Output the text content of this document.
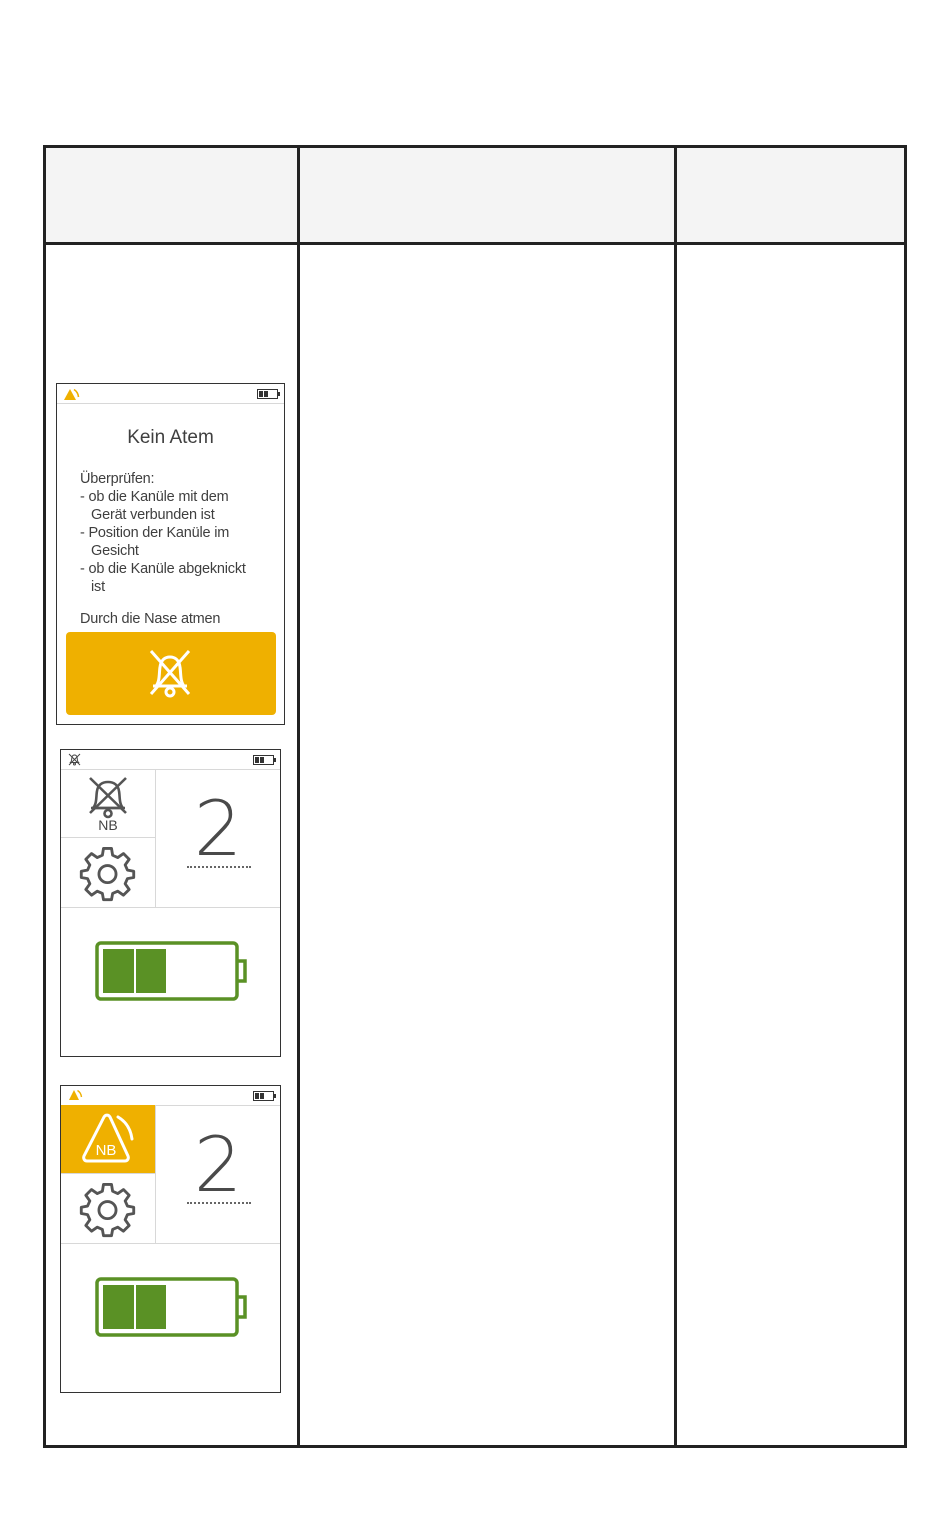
Kein Atem
Überprüfen:
- ob die Kanüle mit dem
Gerät verbunden ist
- Position der Kanüle im
Gesicht
- ob die Kanüle abgeknickt
ist
Durch die Nase atmen
NB	2
NB	2
